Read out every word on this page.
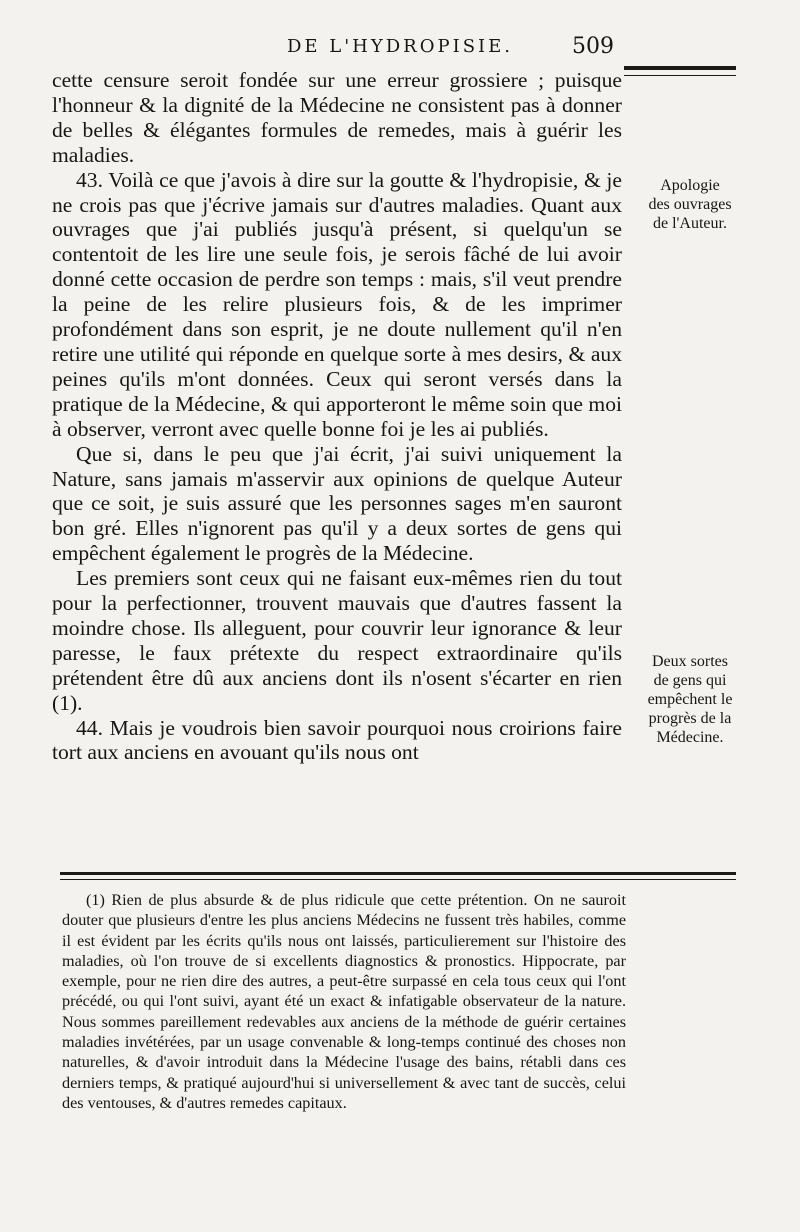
DE L'HYDROPISIE.	509

cette censure seroit fondée sur une erreur grossiere ; puisque l'honneur & la dignité de la Médecine ne consistent pas à donner de belles & élégantes formules de remedes, mais à guérir les maladies.

43. Voilà ce que j'avois à dire sur la goutte & l'hydropisie, & je ne crois pas que j'écrive jamais sur d'autres maladies. Quant aux ouvrages que j'ai publiés jusqu'à présent, si quelqu'un se contentoit de les lire une seule fois, je serois fâché de lui avoir donné cette occasion de perdre son temps : mais, s'il veut prendre la peine de les relire plusieurs fois, & de les imprimer profondément dans son esprit, je ne doute nullement qu'il n'en retire une utilité qui réponde en quelque sorte à mes desirs, & aux peines qu'ils m'ont données. Ceux qui seront versés dans la pratique de la Médecine, & qui apporteront le même soin que moi à observer, verront avec quelle bonne foi je les ai publiés.

Que si, dans le peu que j'ai écrit, j'ai suivi uniquement la Nature, sans jamais m'asservir aux opinions de quelque Auteur que ce soit, je suis assuré que les personnes sages m'en sauront bon gré. Elles n'ignorent pas qu'il y a deux sortes de gens qui empêchent également le progrès de la Médecine.

Les premiers sont ceux qui ne faisant eux-mêmes rien du tout pour la perfectionner, trouvent mauvais que d'autres fassent la moindre chose. Ils alleguent, pour couvrir leur ignorance & leur paresse, le faux prétexte du respect extraordinaire qu'ils prétendent être dû aux anciens dont ils n'osent s'écarter en rien (1).

44. Mais je voudrois bien savoir pourquoi nous croirions faire tort aux anciens en avouant qu'ils nous ont

Apologie
des ouvrages
de l'Auteur.
Deux sortes
de gens qui
empêchent le
progrès de la
Médecine.

(1) Rien de plus absurde & de plus ridicule que cette prétention. On ne sauroit douter que plusieurs d'entre les plus anciens Médecins ne fussent très habiles, comme il est évident par les écrits qu'ils nous ont laissés, particulierement sur l'histoire des maladies, où l'on trouve de si excellents diagnostics & pronostics. Hippocrate, par exemple, pour ne rien dire des autres, a peut-être surpassé en cela tous ceux qui l'ont précédé, ou qui l'ont suivi, ayant été un exact & infatigable observateur de la nature. Nous sommes pareillement redevables aux anciens de la méthode de guérir certaines maladies invétérées, par un usage convenable & long-temps continué des choses non naturelles, & d'avoir introduit dans la Médecine l'usage des bains, rétabli dans ces derniers temps, & pratiqué aujourd'hui si universellement & avec tant de succès, celui des ventouses, & d'autres remedes capitaux.
